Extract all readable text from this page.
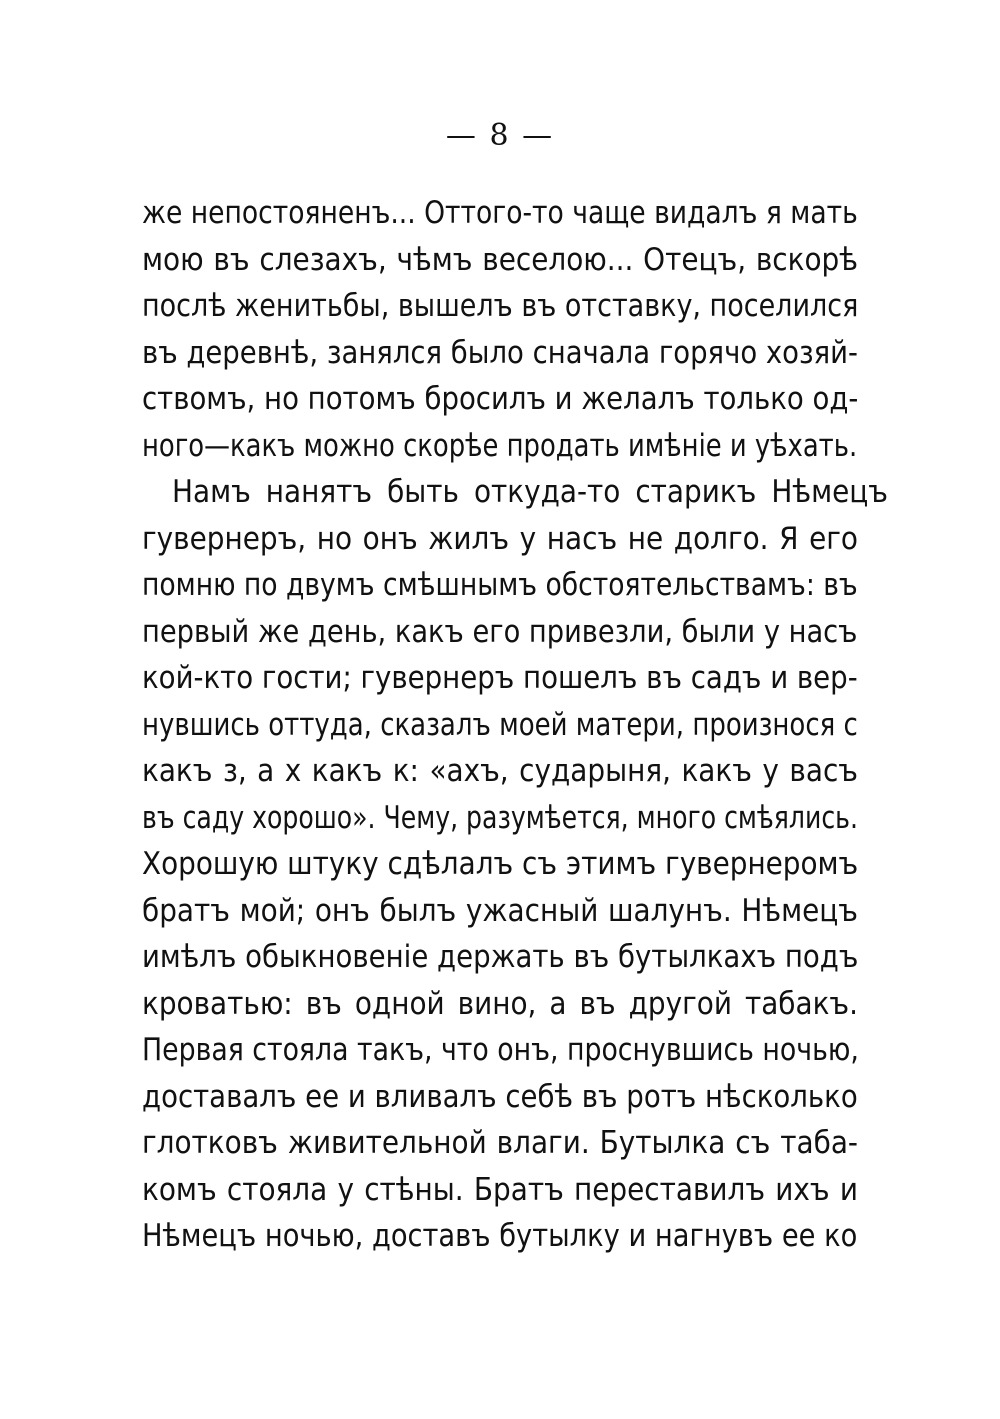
— 8 —
же непостояненъ... Оттого-то чаще видалъ я мать
мою въ слезахъ, чѣмъ веселою... Отецъ, вскорѣ
послѣ женитьбы, вышелъ въ отставку, поселился
въ деревнѣ, занялся было сначала горячо хозяй-
ствомъ, но потомъ бросилъ и желалъ только од-
ного—какъ можно скорѣе продать имѣніе и уѣхать.
Намъ нанятъ быть откуда-то старикъ Нѣмецъ
гувернеръ, но онъ жилъ у насъ не долго. Я его
помню по двумъ смѣшнымъ обстоятельствамъ: въ
первый же день, какъ его привезли, были у насъ
кой-кто гости; гувернеръ пошелъ въ садъ и вер-
нувшись оттуда, сказалъ моей матери, произнося с
какъ з, а х какъ к: «ахъ, сударыня, какъ у васъ
въ саду хорошо». Чему, разумѣется, много смѣялись.
Хорошую штуку сдѣлалъ съ этимъ гувернеромъ
братъ мой; онъ былъ ужасный шалунъ. Нѣмецъ
имѣлъ обыкновеніе держать въ бутылкахъ подъ
кроватью: въ одной вино, а въ другой табакъ.
Первая стояла такъ, что онъ, проснувшись ночью,
доставалъ ее и вливалъ себѣ въ ротъ нѣсколько
глотковъ живительной влаги. Бутылка съ таба-
комъ стояла у стѣны. Братъ переставилъ ихъ и
Нѣмецъ ночью, доставъ бутылку и нагнувъ ее ко
